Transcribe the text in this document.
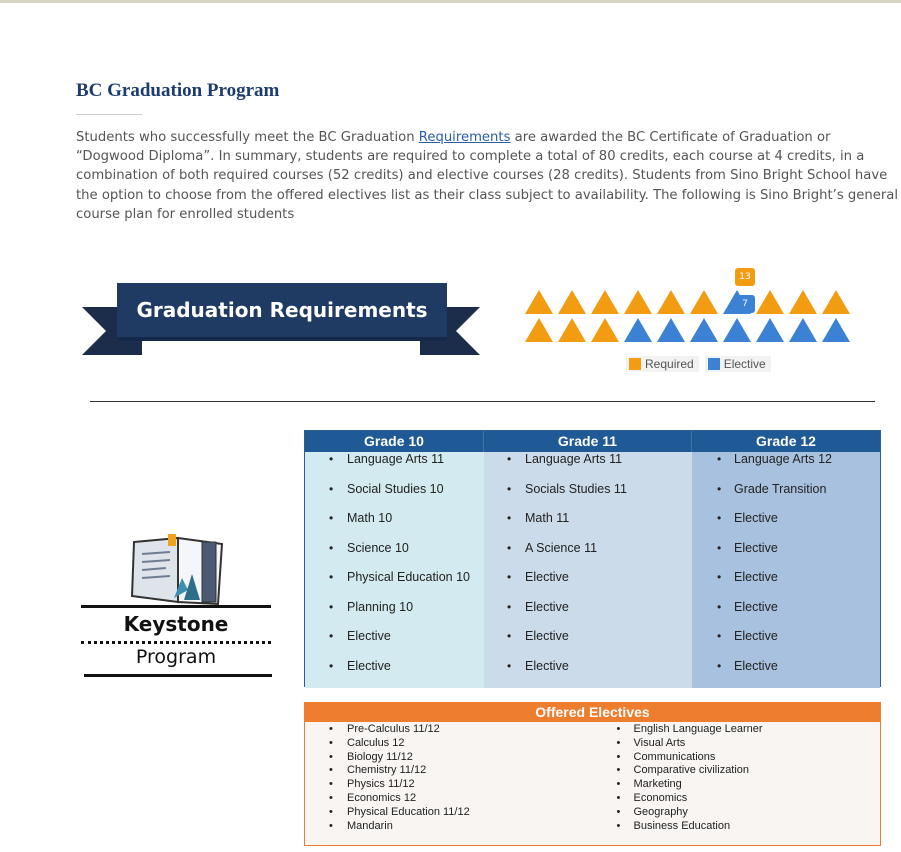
BC Graduation Program

Students who successfully meet the BC Graduation Requirements are awarded the BC Certificate of Graduation or “Dogwood Diploma”. In summary, students are required to complete a total of 80 credits, each course at 4 credits, in a combination of both required courses (52 credits) and elective courses (28 credits). Students from Sino Bright School have the option to choose from the offered electives list as their class subject to availability. The following is Sino Bright’s general course plan for enrolled students

Graduation Requirements
13
7
Required	Elective
Keystone
Program
Grade 10
• Language Arts 11
• Social Studies 10
• Math 10
• Science 10
• Physical Education 10
• Planning 10
• Elective
• Elective
Grade 11
• Language Arts 11
• Socials Studies 11
• Math 11
• A Science 11
• Elective
• Elective
• Elective
• Elective
Grade 12
• Language Arts 12
• Grade Transition
• Elective
• Elective
• Elective
• Elective
• Elective
• Elective
Offered Electives
• Pre-Calculus 11/12
• Calculus 12
• Biology 11/12
• Chemistry 11/12
• Physics 11/12
• Economics 12
• Physical Education 11/12
• Mandarin
• English Language Learner
• Visual Arts
• Communications
• Comparative civilization
• Marketing
• Economics
• Geography
• Business Education
